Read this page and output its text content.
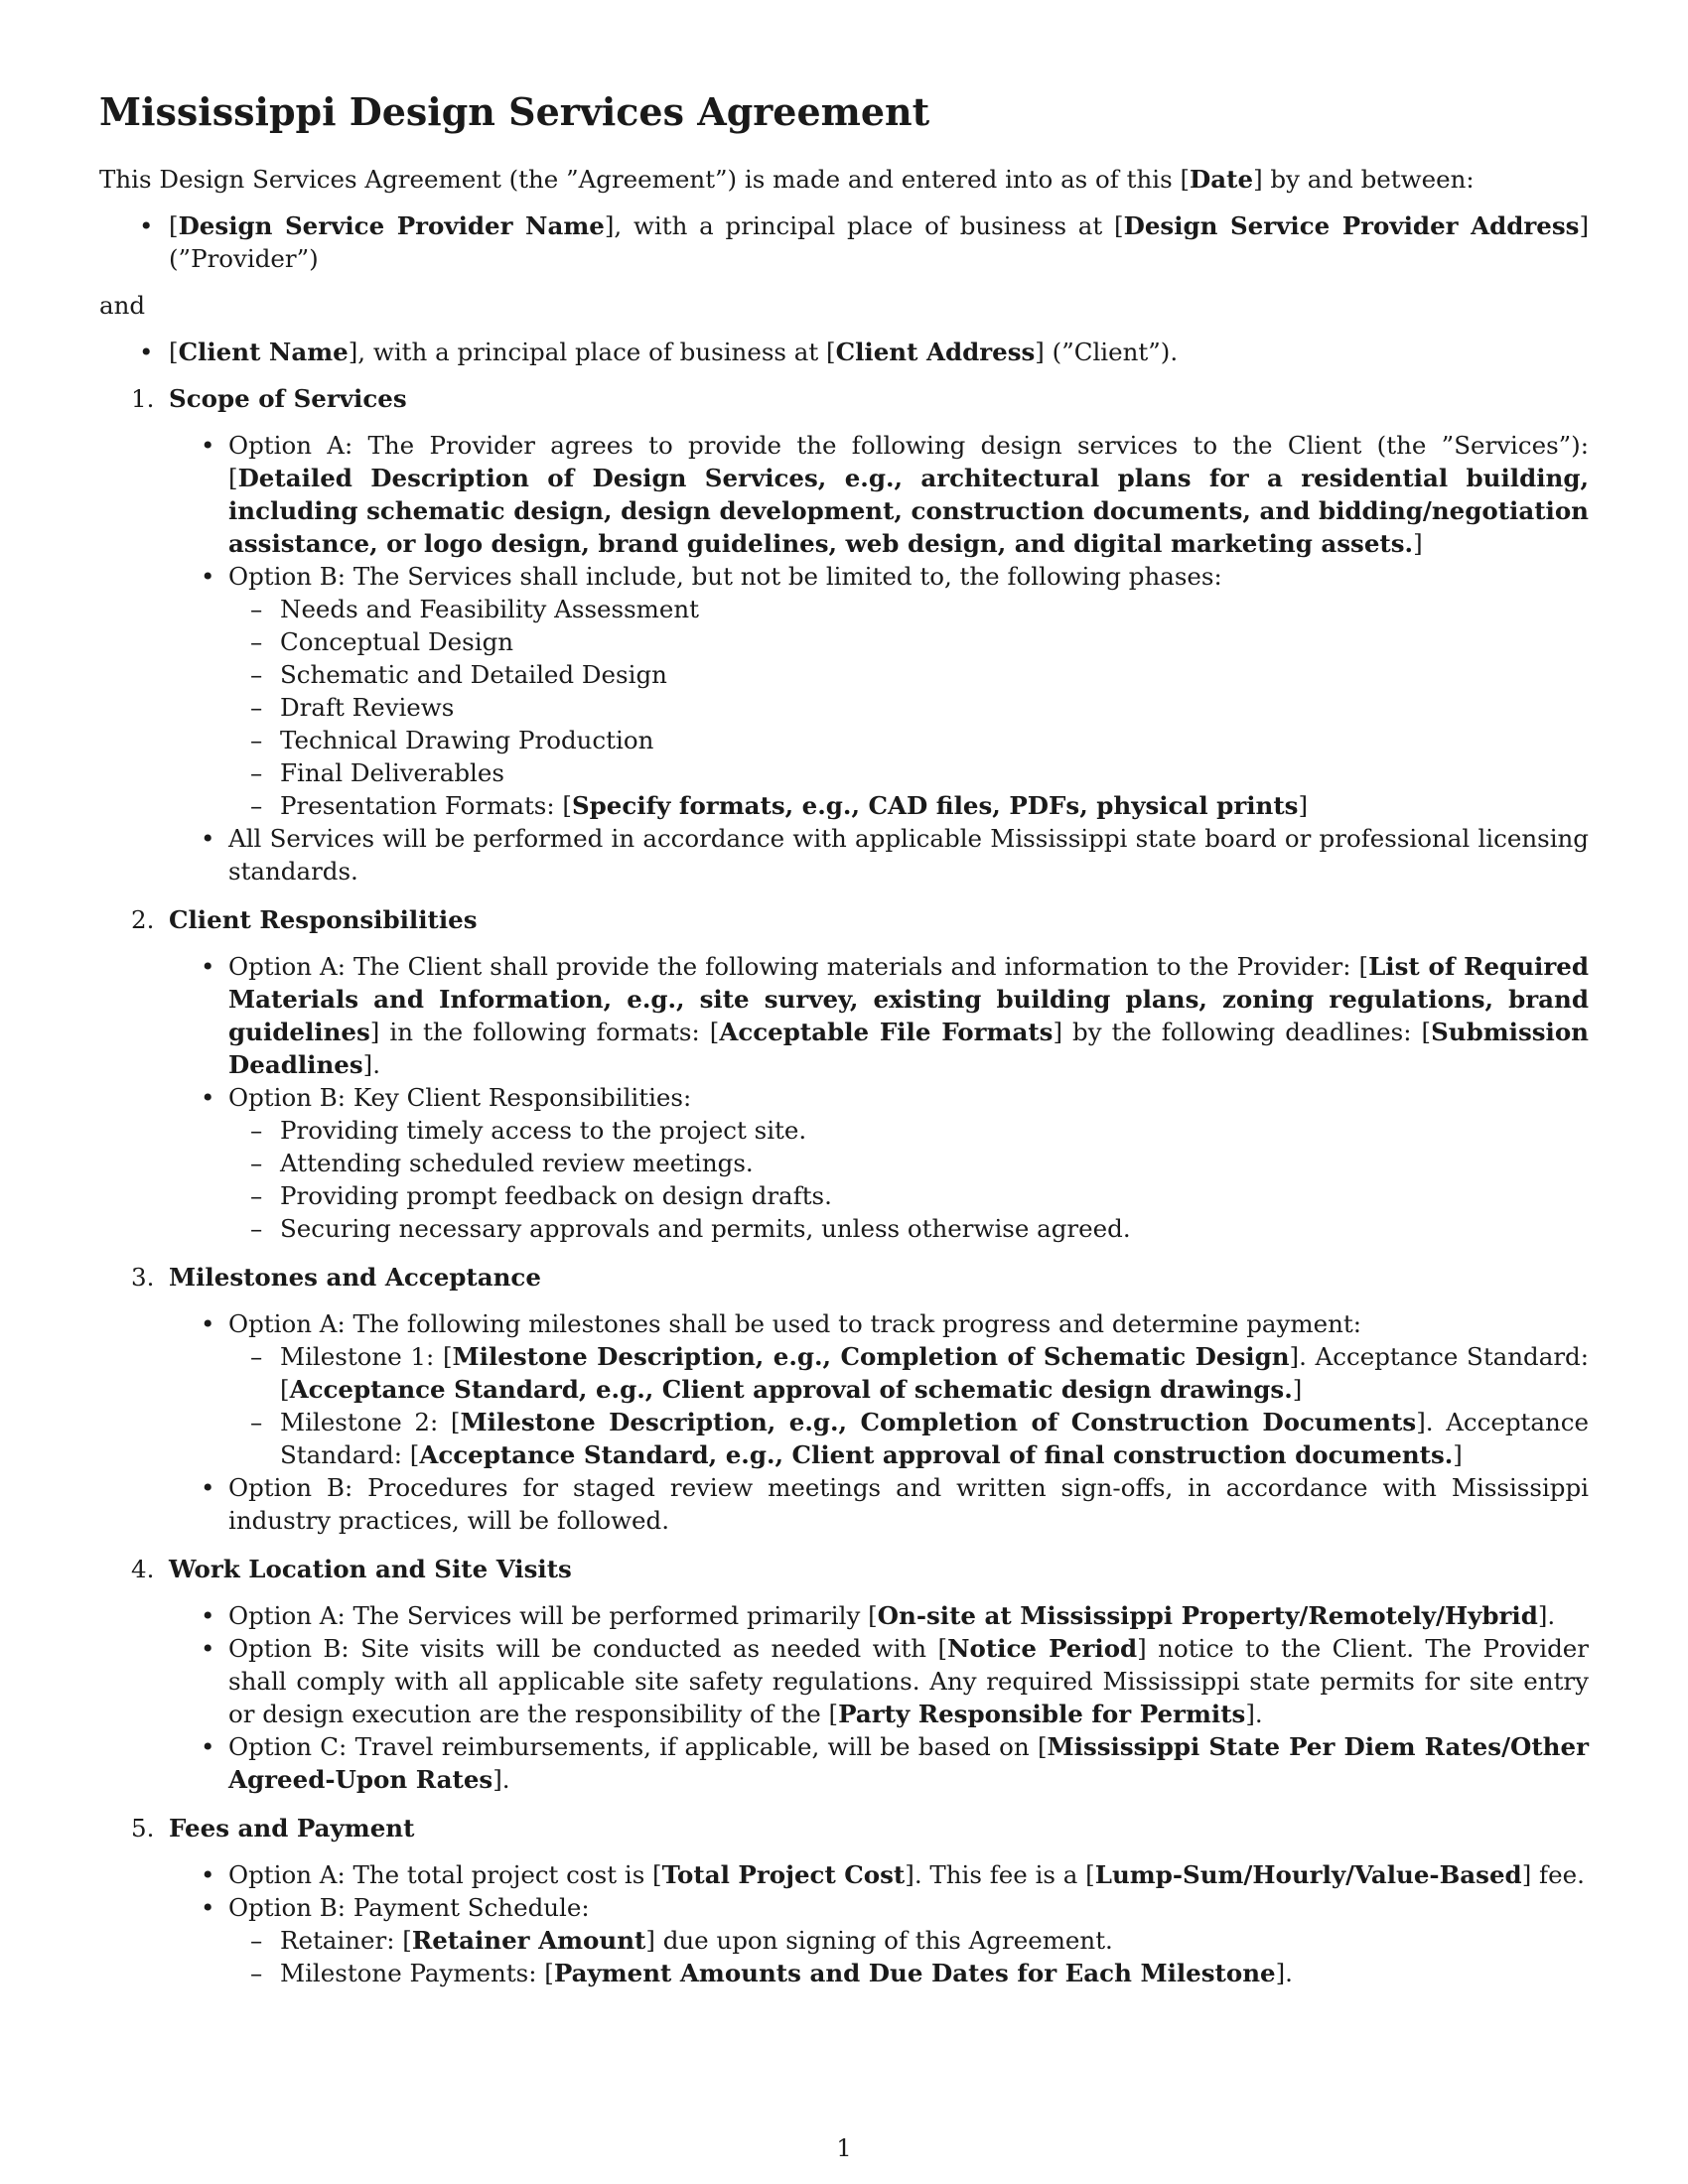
Mississippi Design Services Agreement

This Design Services Agreement (the ”Agreement”) is made and entered into as of this [Date] by and between:

• [Design Service Provider Name], with a principal place of business at [Design Service Provider Address] (”Provider”)

and

• [Client Name], with a principal place of business at [Client Address] (”Client”).
1. Scope of Services
• Option A: The Provider agrees to provide the following design services to the Client (the ”Services”): [Detailed Description of Design Services, e.g., architectural plans for a residential building, including schematic design, design development, construction documents, and bidding/negotiation assistance, or logo design, brand guidelines, web design, and digital marketing assets.]
• Option B: The Services shall include, but not be limited to, the following phases:
– Needs and Feasibility Assessment
– Conceptual Design
– Schematic and Detailed Design
– Draft Reviews
– Technical Drawing Production
– Final Deliverables
– Presentation Formats: [Specify formats, e.g., CAD files, PDFs, physical prints]
• All Services will be performed in accordance with applicable Mississippi state board or professional licensing standards.
2. Client Responsibilities
• Option A: The Client shall provide the following materials and information to the Provider: [List of Required Materials and Information, e.g., site survey, existing building plans, zoning regulations, brand guidelines] in the following formats: [Acceptable File Formats] by the following deadlines: [Submission Deadlines].
• Option B: Key Client Responsibilities:
– Providing timely access to the project site.
– Attending scheduled review meetings.
– Providing prompt feedback on design drafts.
– Securing necessary approvals and permits, unless otherwise agreed.
3. Milestones and Acceptance
• Option A: The following milestones shall be used to track progress and determine payment:
– Milestone 1: [Milestone Description, e.g., Completion of Schematic Design]. Acceptance Standard: [Acceptance Standard, e.g., Client approval of schematic design drawings.]
– Milestone 2: [Milestone Description, e.g., Completion of Construction Documents]. Acceptance Standard: [Acceptance Standard, e.g., Client approval of final construction documents.]
• Option B: Procedures for staged review meetings and written sign-offs, in accordance with Mississippi industry practices, will be followed.
4. Work Location and Site Visits
• Option A: The Services will be performed primarily [On-site at Mississippi Property/Remotely/Hybrid].
• Option B: Site visits will be conducted as needed with [Notice Period] notice to the Client. The Provider shall comply with all applicable site safety regulations. Any required Mississippi state permits for site entry or design execution are the responsibility of the [Party Responsible for Permits].
• Option C: Travel reimbursements, if applicable, will be based on [Mississippi State Per Diem Rates/Other Agreed-Upon Rates].
5. Fees and Payment
• Option A: The total project cost is [Total Project Cost]. This fee is a [Lump-Sum/Hourly/Value-Based] fee.
• Option B: Payment Schedule:
– Retainer: [Retainer Amount] due upon signing of this Agreement.
– Milestone Payments: [Payment Amounts and Due Dates for Each Milestone].
1
